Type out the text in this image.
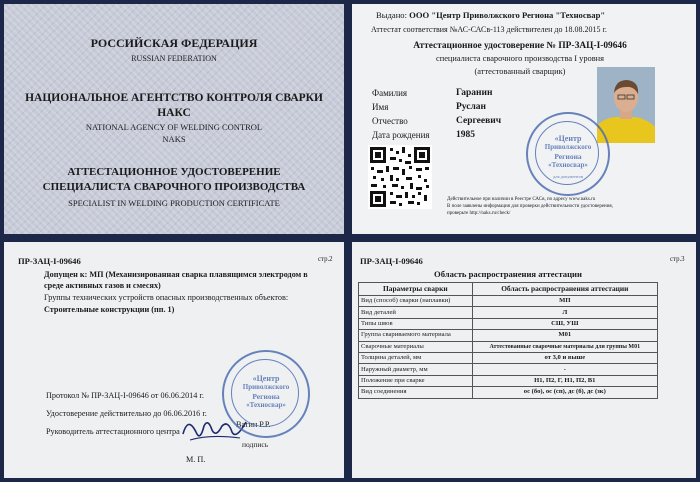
РОССИЙСКАЯ ФЕДЕРАЦИЯ
RUSSIAN FEDERATION
НАЦИОНАЛЬНОЕ АГЕНТСТВО КОНТРОЛЯ СВАРКИ
НАКС
NATIONAL AGENCY OF WELDING CONTROL
NAKS
АТТЕСТАЦИОННОЕ УДОСТОВЕРЕНИЕ
СПЕЦИАЛИСТА СВАРОЧНОГО ПРОИЗВОДСТВА
SPECIALIST IN WELDING PRODUCTION CERTIFICATE
Выдано: ООО "Центр Приволжского Региона "Техносвар"
Аттестат соответствия №АС-САСв-113 действителен до 18.08.2015 г.
Аттестационное удостоверение № ПР-ЗАЦ-I-09646
специалиста сварочного производства I уровня
(аттестованный сварщик)
Фамилия	Гаранин
Имя	Руслан
Отчество	Сергеевич
Дата рождения	1985
Действительное при наличии в Реестре САСв, по адресу www.naks.ru
В поле заявлены информация для проверки действительности удостоверения,
проверьте http://naks.ru/check/
«Центр
Приволжского
Региона
«Техносвар»
для документов
ПР-ЗАЦ-I-09646	стр.2
Допущен к: МП (Механизированная сварка плавящимся электродом в
среде активных газов и смесях)
Группы технических устройств опасных производственных объектов:
Строительные конструкции (пп. 1)
Протокол № ПР-ЗАЦ-I-09646 от 06.06.2014 г.
Удостоверение действительно до 06.06.2016 г.
Руководитель аттестационного центра
Ватин Р.Р.
подпись
М. П.
«Центр
Приволжского
Региона
«Техносвар»
ПР-ЗАЦ-I-09646	стр.3
Область распространения аттестации
Параметры сварки	Область распространения аттестации
Вид (способ) сварки (наплавки)	МП
Вид деталей	Л
Типы швов	СШ, УШ
Группа свариваемого материала	М01
Сварочные материалы	Аттестованные сварочные материалы для группы М01
Толщина деталей, мм	от 3,0 и выше
Наружный диаметр, мм	-
Положение при сварке	Н1, П2, Г, Н1, П2, В1
Вид соединения	ос (бо), ос (сп), дс (б), дс (зк)
